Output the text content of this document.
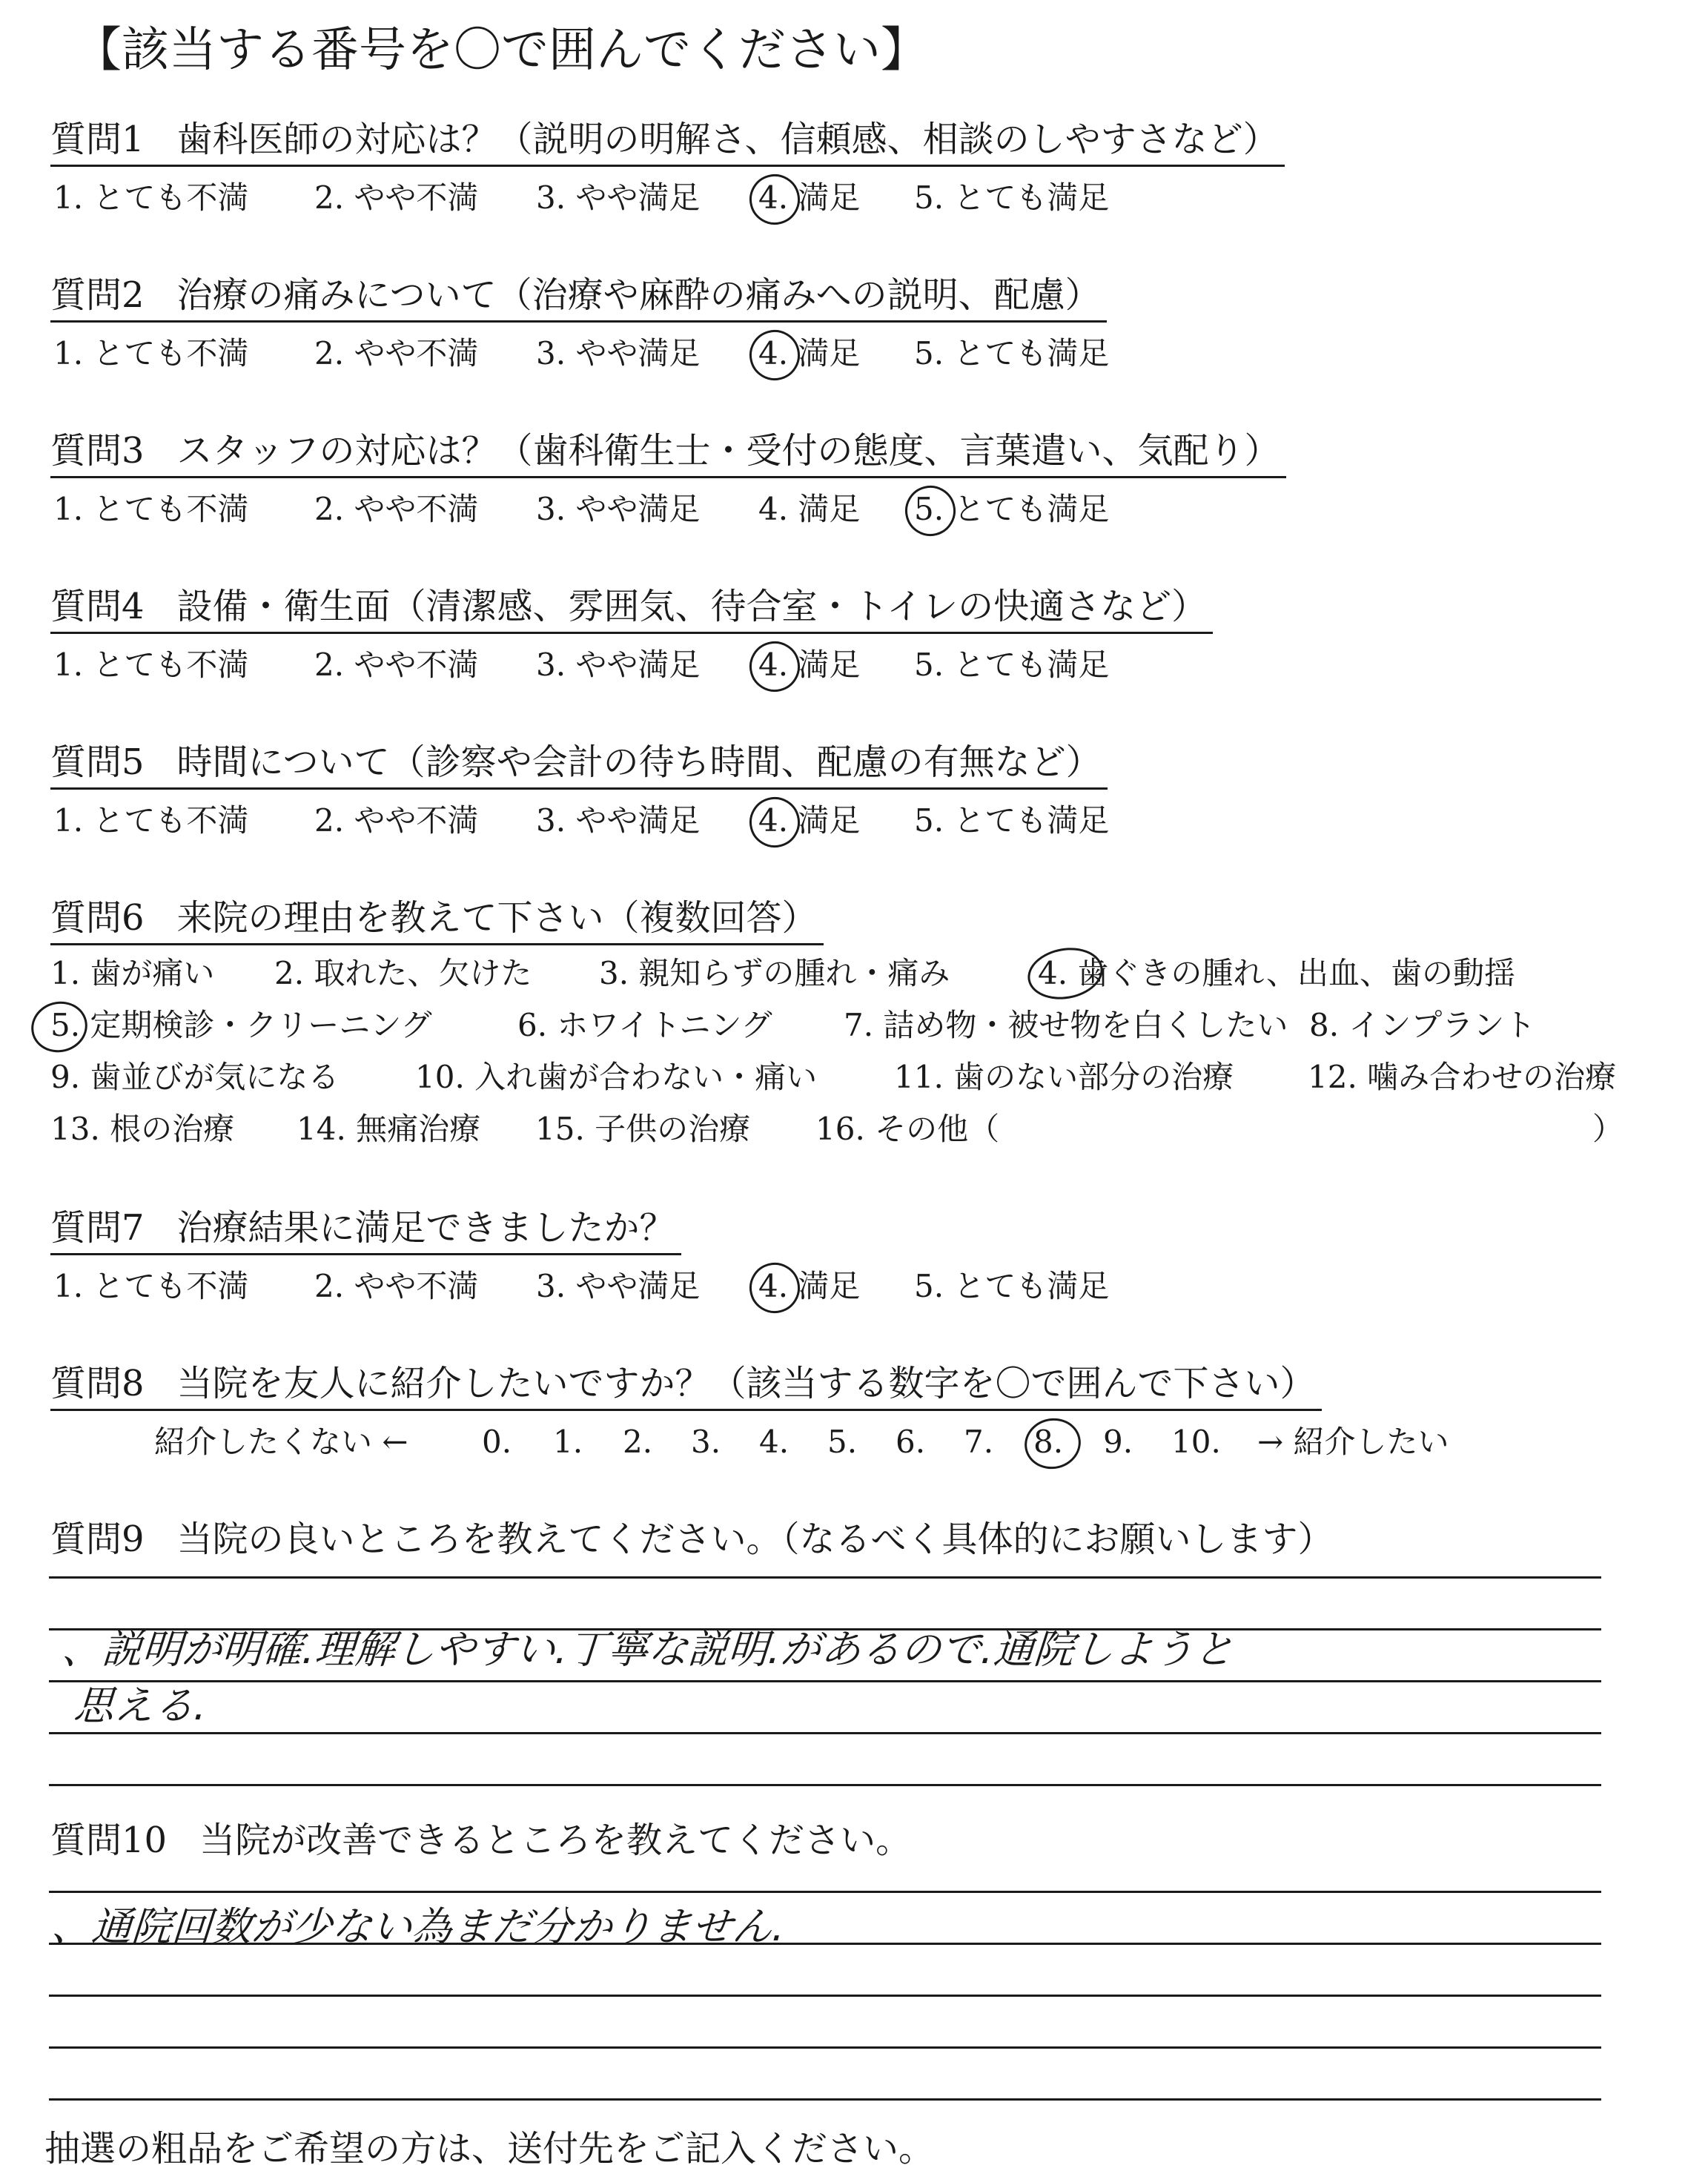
【該当する番号を〇で囲んでください】
質問1 歯科医師の対応は？（説明の明解さ、信頼感、相談のしやすさなど）
1. とても不満 2. やや不満 3. やや満足 4. 満足 5. とても満足
質問2 治療の痛みについて（治療や麻酔の痛みへの説明、配慮）
1. とても不満 2. やや不満 3. やや満足 4. 満足 5. とても満足
質問3 スタッフの対応は？（歯科衛生士・受付の態度、言葉遣い、気配り）
1. とても不満 2. やや不満 3. やや満足 4. 満足 5. とても満足
質問4 設備・衛生面（清潔感、雰囲気、待合室・トイレの快適さなど）
1. とても不満 2. やや不満 3. やや満足 4. 満足 5. とても満足
質問5 時間について（診察や会計の待ち時間、配慮の有無など）
1. とても不満 2. やや不満 3. やや満足 4. 満足 5. とても満足
質問6 来院の理由を教えて下さい（複数回答）
1. 歯が痛い 2. 取れた、欠けた 3. 親知らずの腫れ・痛み	4. 歯ぐきの腫れ、出血、歯の動揺
5. 定期検診・クリーニング	6. ホワイトニング 7. 詰め物・被せ物を白くしたい 8. インプラント
9. 歯並びが気になる 10. 入れ歯が合わない・痛い 11. 歯のない部分の治療 12. 噛み合わせの治療
13. 根の治療 14. 無痛治療 15. 子供の治療 16. その他（	）
質問7 治療結果に満足できましたか？
1. とても不満 2. やや不満 3. やや満足 4. 満足 5. とても満足
質問8 当院を友人に紹介したいですか？（該当する数字を〇で囲んで下さい）
紹介したくない ← 0. 1. 2. 3. 4. 5. 6. 7. 8. 9. 10. → 紹介したい
質問9 当院の良いところを教えてください。（なるべく具体的にお願いします）
、説明が明確.理解しやすい.丁寧な説明.があるので.通院しようと
思える.
質問10 当院が改善できるところを教えてください。
、通院回数が少ない為まだ分かりません.
抽選の粗品をご希望の方は、送付先をご記入ください。
